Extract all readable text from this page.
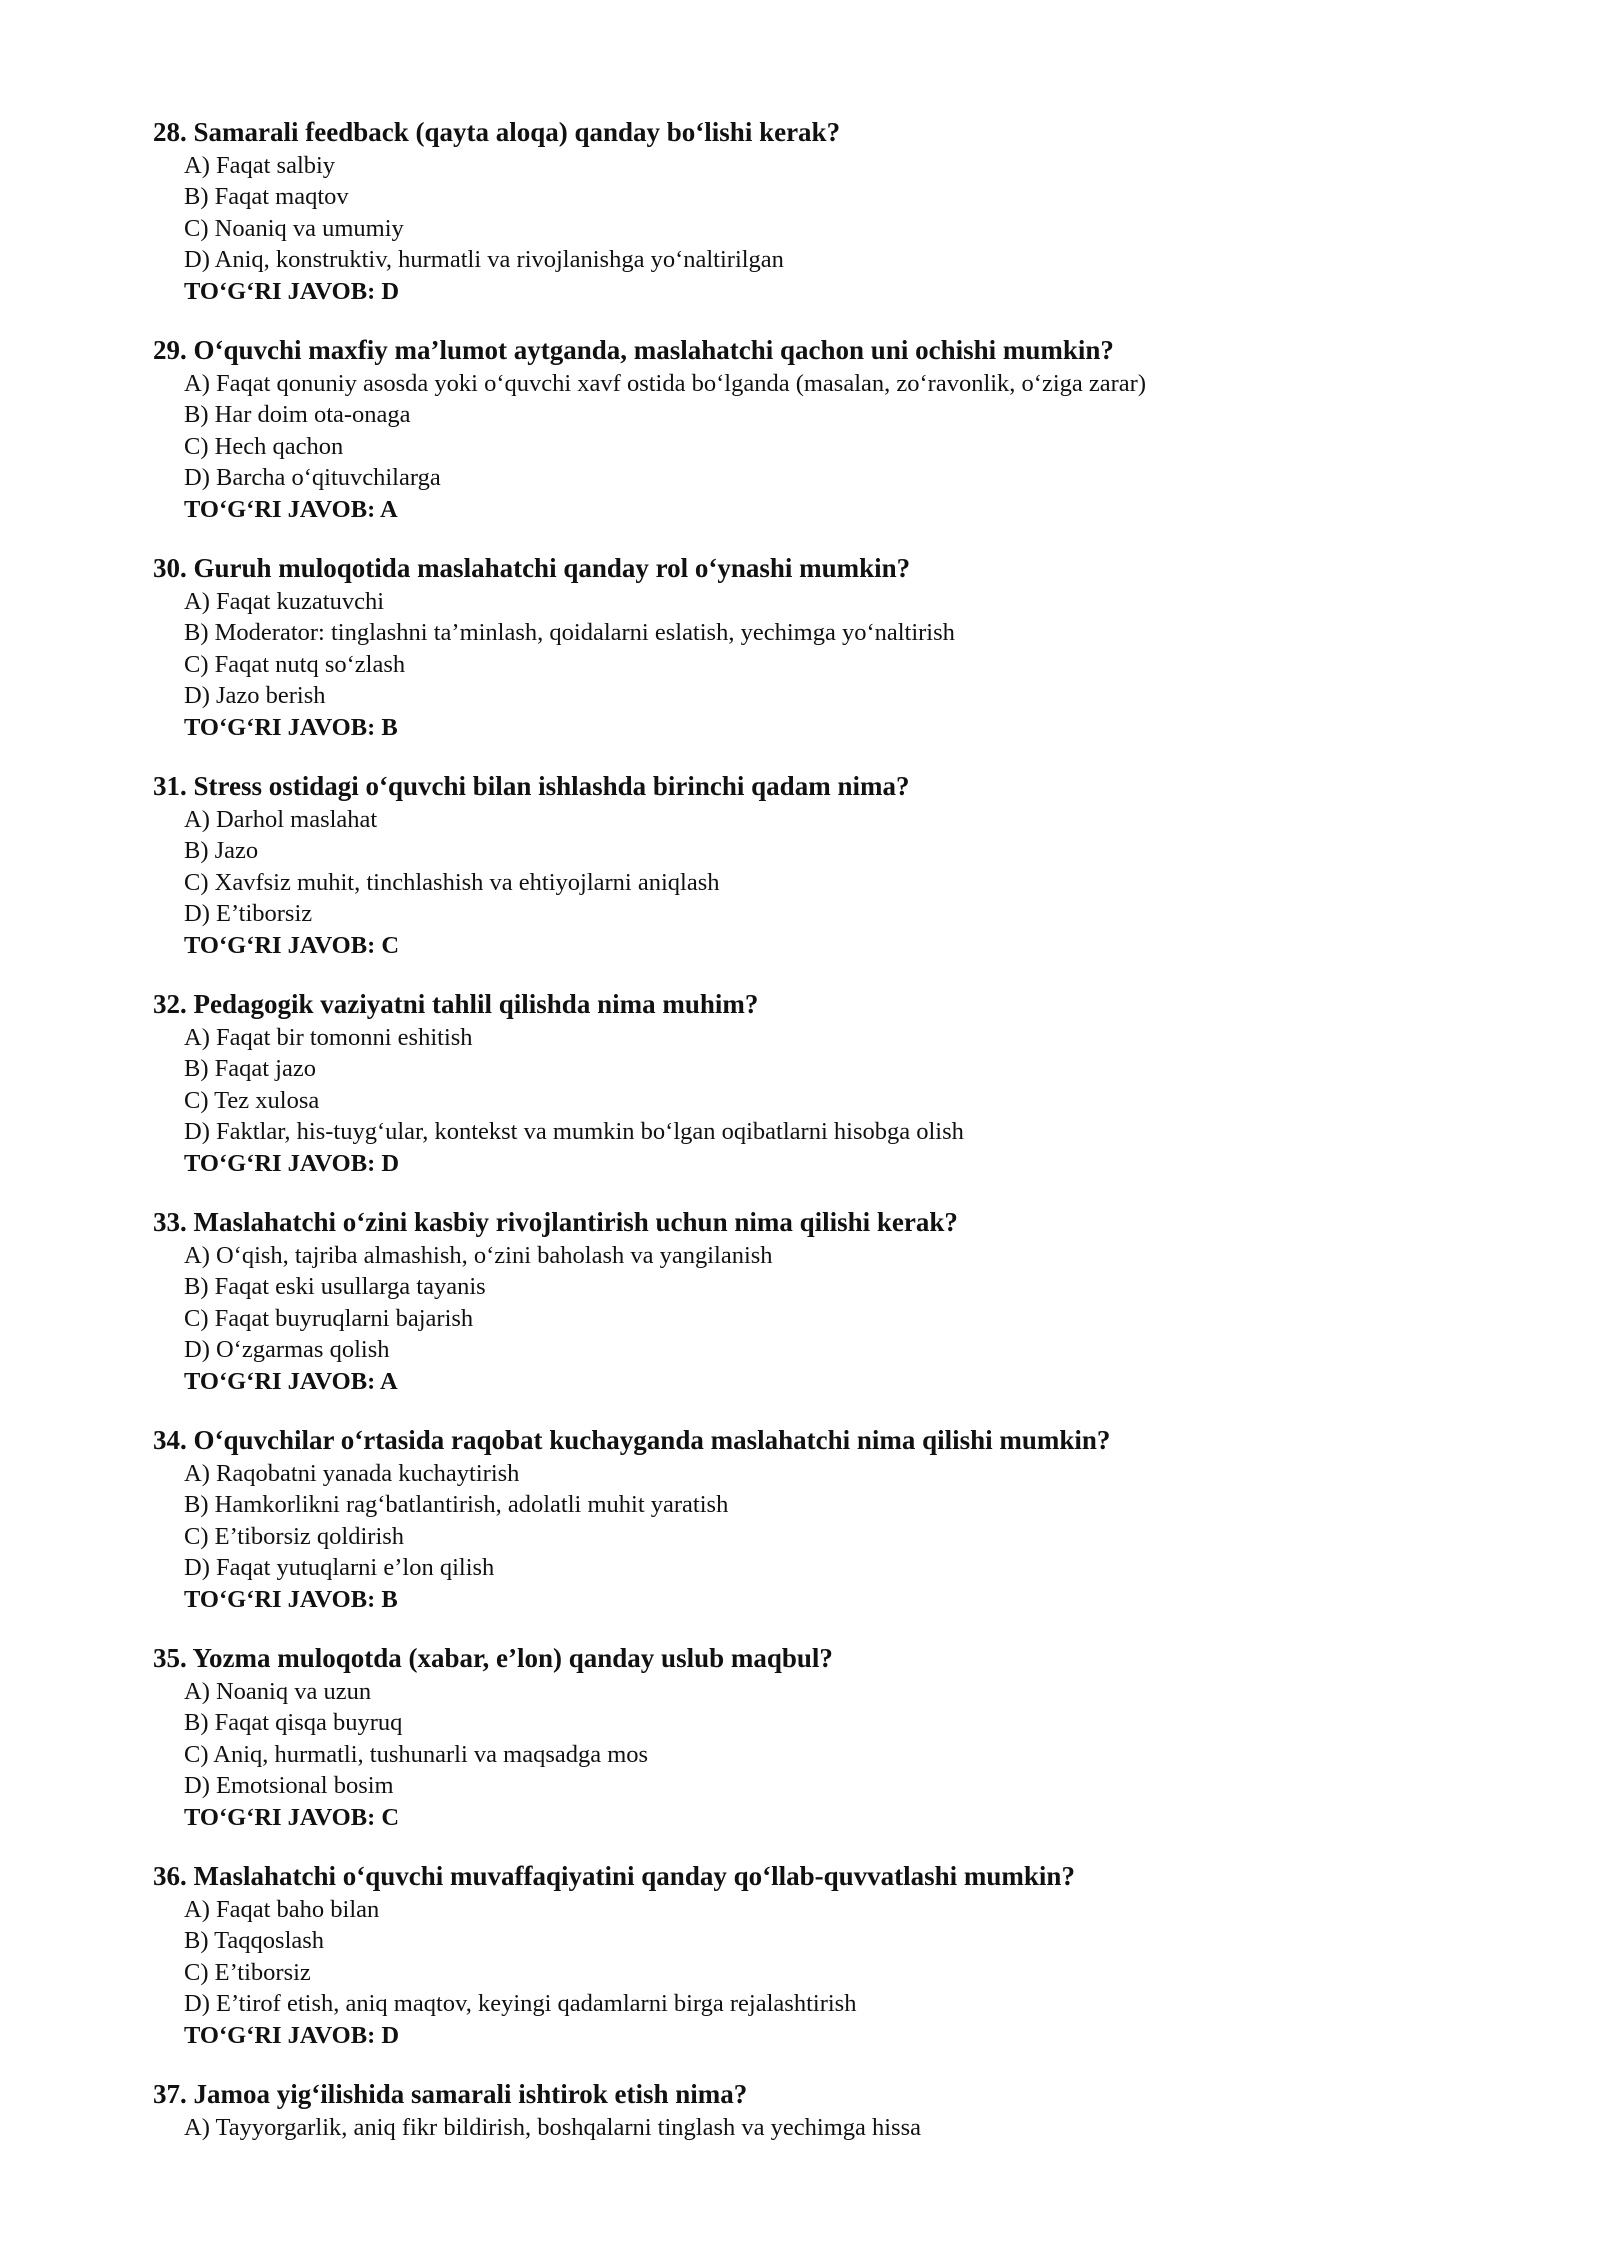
28. Samarali feedback (qayta aloqa) qanday bo‘lishi kerak?
A) Faqat salbiy
B) Faqat maqtov
C) Noaniq va umumiy
D) Aniq, konstruktiv, hurmatli va rivojlanishga yo‘naltirilgan
TO‘G‘RI JAVOB: D
29. O‘quvchi maxfiy ma’lumot aytganda, maslahatchi qachon uni ochishi mumkin?
A) Faqat qonuniy asosda yoki o‘quvchi xavf ostida bo‘lganda (masalan, zo‘ravonlik, o‘ziga zarar)
B) Har doim ota-onaga
C) Hech qachon
D) Barcha o‘qituvchilarga
TO‘G‘RI JAVOB: A
30. Guruh muloqotida maslahatchi qanday rol o‘ynashi mumkin?
A) Faqat kuzatuvchi
B) Moderator: tinglashni ta’minlash, qoidalarni eslatish, yechimga yo‘naltirish
C) Faqat nutq so‘zlash
D) Jazo berish
TO‘G‘RI JAVOB: B
31. Stress ostidagi o‘quvchi bilan ishlashda birinchi qadam nima?
A) Darhol maslahat
B) Jazo
C) Xavfsiz muhit, tinchlashish va ehtiyojlarni aniqlash
D) E’tiborsiz
TO‘G‘RI JAVOB: C
32. Pedagogik vaziyatni tahlil qilishda nima muhim?
A) Faqat bir tomonni eshitish
B) Faqat jazo
C) Tez xulosa
D) Faktlar, his-tuyg‘ular, kontekst va mumkin bo‘lgan oqibatlarni hisobga olish
TO‘G‘RI JAVOB: D
33. Maslahatchi o‘zini kasbiy rivojlantirish uchun nima qilishi kerak?
A) O‘qish, tajriba almashish, o‘zini baholash va yangilanish
B) Faqat eski usullarga tayanis
C) Faqat buyruqlarni bajarish
D) O‘zgarmas qolish
TO‘G‘RI JAVOB: A
34. O‘quvchilar o‘rtasida raqobat kuchayganda maslahatchi nima qilishi mumkin?
A) Raqobatni yanada kuchaytirish
B) Hamkorlikni rag‘batlantirish, adolatli muhit yaratish
C) E’tiborsiz qoldirish
D) Faqat yutuqlarni e’lon qilish
TO‘G‘RI JAVOB: B
35. Yozma muloqotda (xabar, e’lon) qanday uslub maqbul?
A) Noaniq va uzun
B) Faqat qisqa buyruq
C) Aniq, hurmatli, tushunarli va maqsadga mos
D) Emotsional bosim
TO‘G‘RI JAVOB: C
36. Maslahatchi o‘quvchi muvaffaqiyatini qanday qo‘llab-quvvatlashi mumkin?
A) Faqat baho bilan
B) Taqqoslash
C) E’tiborsiz
D) E’tirof etish, aniq maqtov, keyingi qadamlarni birga rejalashtirish
TO‘G‘RI JAVOB: D
37. Jamoa yig‘ilishida samarali ishtirok etish nima?
A) Tayyorgarlik, aniq fikr bildirish, boshqalarni tinglash va yechimga hissa
